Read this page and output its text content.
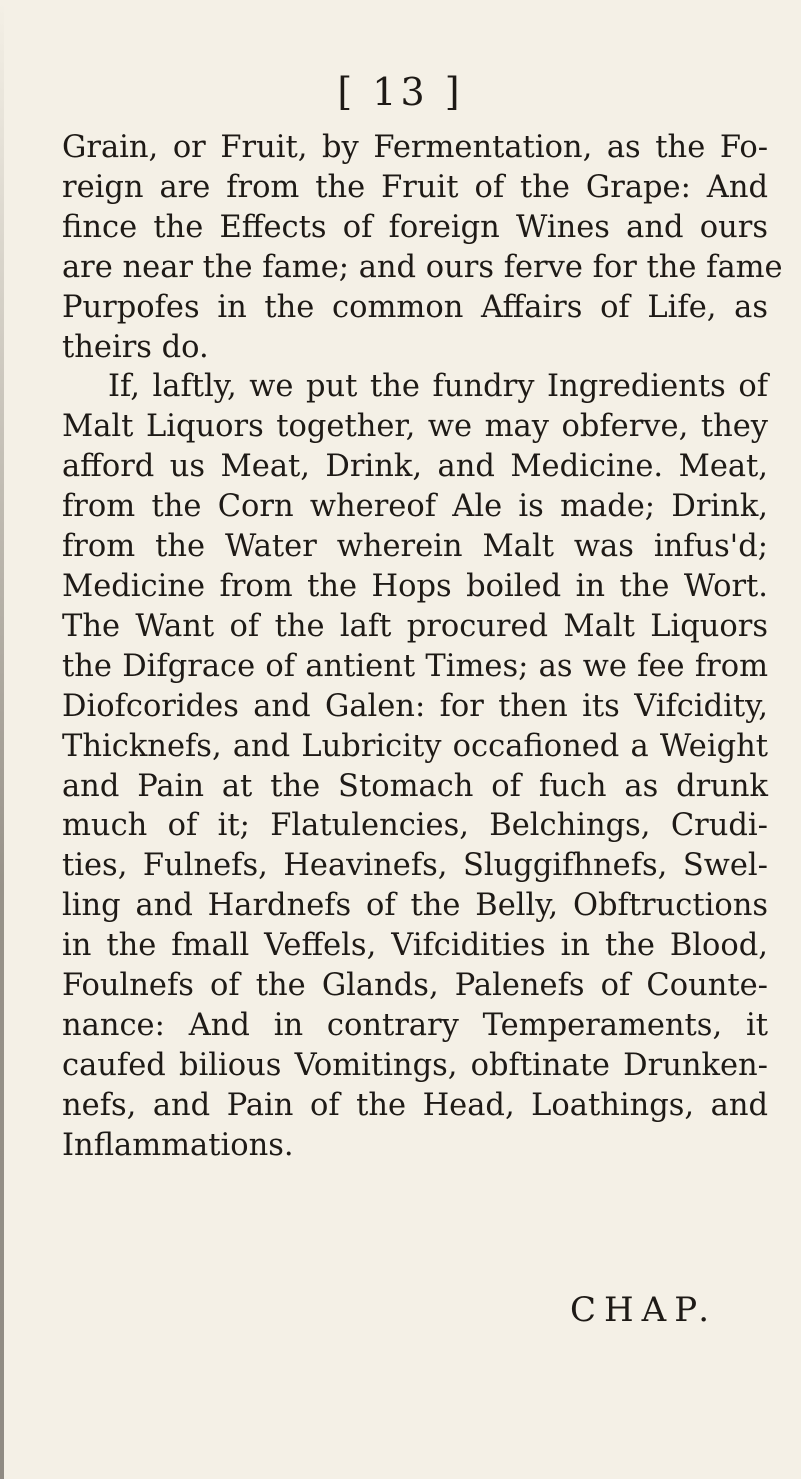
[ 13 ]
Grain, or Fruit, by Fermentation, as the Fo-
reign are from the Fruit of the Grape: And
fince the Effects of foreign Wines and ours
are near the fame; and ours ferve for the fame
Purpofes in the common Affairs of Life, as
theirs do.
If, laftly, we put the fundry Ingredients of
Malt Liquors together, we may obferve, they
afford us Meat, Drink, and Medicine. Meat,
from the Corn whereof Ale is made; Drink,
from the Water wherein Malt was infus'd;
Medicine from the Hops boiled in the Wort.
The Want of the laft procured Malt Liquors
the Difgrace of antient Times; as we fee from
Diofcorides and Galen: for then its Vifcidity,
Thicknefs, and Lubricity occafioned a Weight
and Pain at the Stomach of fuch as drunk
much of it; Flatulencies, Belchings, Crudi-
ties, Fulnefs, Heavinefs, Sluggifhnefs, Swel-
ling and Hardnefs of the Belly, Obftructions
in the fmall Veffels, Vifcidities in the Blood,
Foulnefs of the Glands, Palenefs of Counte-
nance: And in contrary Temperaments, it
caufed bilious Vomitings, obftinate Drunken-
nefs, and Pain of the Head, Loathings, and
Inflammations.
CHAP.
